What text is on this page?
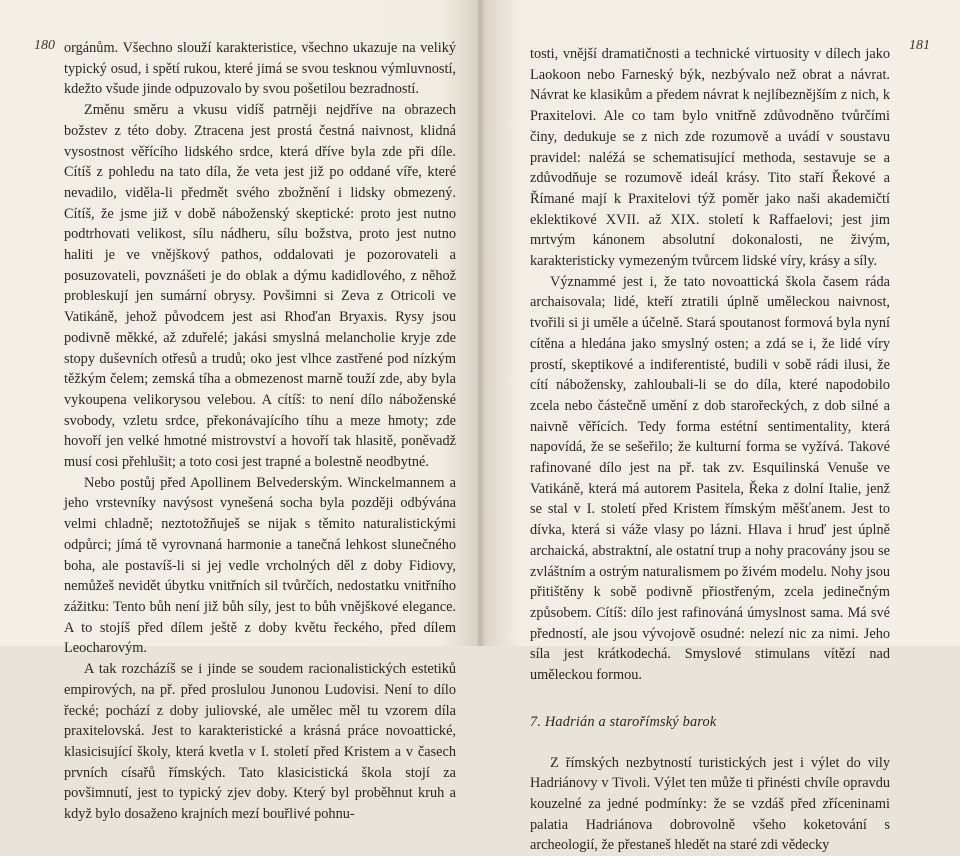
180 orgánům. Všechno slouží karakteristice, všechno ukazuje na veliký typický osud, i spětí rukou, které jimá se svou tesknou výmluvností, kdežto všude jinde odpuzovalo by svou pošetilou bezradností.

Změnu směru a vkusu vidíš patrněji nejdříve na obrazech božstev z této doby. Ztracena jest prostá čestná naivnost, klidná vysostnost věřícího lidského srdce, která dříve byla zde při díle. Cítíš z pohledu na tato díla, že veta jest již po oddané víře, které nevadilo, viděla-li předmět svého zbožnění i lidsky obmezený. Cítíš, že jsme již v době náboženský skeptické: proto jest nutno podtrhovati velikost, sílu nádheru, sílu božstva, proto jest nutno haliti je ve vnějškový pathos, oddalovati je pozorovateli a posuzovateli, povznášeti je do oblak a dýmu kadidlového, z něhož probleskují jen sumární obrysy. Povšimni si Zeva z Otricoli ve Vatikáně, jehož původcem jest asi Rhoďan Bryaxis. Rysy jsou podivně měkké, až zduřelé; jakási smyslná melancholie kryje zde stopy duševních otřesů a trudů; oko jest vlhce zastřené pod nízkým těžkým čelem; zemská tíha a obmezenost marně touží zde, aby byla vykoupena velikorysou velebou. A cítíš: to není dílo náboženské svobody, vzletu srdce, překonávajícího tíhu a meze hmoty; zde hovoří jen velké hmotné mistrovství a hovoří tak hlasitě, poněvadž musí cosi přehlušit; a toto cosi jest trapné a bolestně neodbytné.

Nebo postůj před Apollinem Belvederským. Winckelmannem a jeho vrstevníky navýsost vynešená socha byla později odbývána velmi chladně; neztotožňuješ se nijak s těmito naturalistickými odpůrci; jímá tě vyrovnaná harmonie a tanečná lehkost slunečného boha, ale postavíš-li si jej vedle vrcholných děl z doby Fidiovy, nemůžeš nevidět úbytku vnitřních sil tvůrčích, nedostatku vnitřního zážitku: Tento bůh není již bůh síly, jest to bůh vnějškové elegance. A to stojíš před dílem ještě z doby květu řeckého, před dílem Leocharovým.

A tak rozcházíš se i jinde se soudem racionalistických estetiků empirových, na př. před proslulou Junonou Ludovisi. Není to dílo řecké; pochází z doby juliovské, ale umělec měl tu vzorem díla praxitelovská. Jest to karakteristické a krásná práce novoattické, klasicisující školy, která kvetla v I. století před Kristem a v časech prvních císařů římských. Tato klasicistická škola stojí za povšimnutí, jest to typický zjev doby. Který byl proběhnut kruh a když bylo dosaženo krajních mezí bouřlivé pohnu-

181

tosti, vnější dramatičnosti a technické virtuosity v dílech jako Laokoon nebo Farneský býk, nezbývalo než obrat a návrat. Návrat ke klasikům a předem návrat k nejlíbeznějším z nich, k Praxitelovi. Ale co tam bylo vnitřně zdůvodněno tvůrčími činy, dedukuje se z nich zde rozumově a uvádí v soustavu pravidel: naléžá se schematisující methoda, sestavuje se a zdůvodňuje se rozumově ideál krásy. Tito staří Řekové a Římané mají k Praxitelovi týž poměr jako naši akademičtí eklektikové XVII. až XIX. století k Raffaelovi; jest jim mrtvým kánonem absolutní dokonalosti, ne živým, karakteristicky vymezeným tvůrcem lidské víry, krásy a síly.

Význammé jest i, že tato novoattická škola časem ráda archaisovala; lidé, kteří ztratili úplně uměleckou naivnost, tvořili si ji uměle a účelně. Stará spoutanost formová byla nyní cítěna a hledána jako smyslný osten; a zdá se i, že lidé víry prostí, skeptikové a indiferentisté, budili v sobě rádi ilusi, že cítí nábožensky, zahloubali-li se do díla, které napodobilo zcela nebo částečně umění z dob starořeckých, z dob silné a naivně věřících. Tedy forma estétní sentimentality, která napovídá, že se sešeřilo; že kulturní forma se vyžívá. Takové rafinované dílo jest na př. tak zv. Esquilinská Venuše ve Vatikáně, která má autorem Pasitela, Řeka z dolní Italie, jenž se stal v I. století před Kristem římským měšťanem. Jest to dívka, která si váže vlasy po lázni. Hlava i hruď jest úplně archaická, abstraktní, ale ostatní trup a nohy pracovány jsou se zvláštním a ostrým naturalismem po živém modelu. Nohy jsou přitištěny k sobě podivně přiostřeným, zcela jedinečným způsobem. Cítíš: dílo jest rafinováná úmyslnost sama. Má své předností, ale jsou vývojově osudné: nelezí nic za nimi. Jeho síla jest krátkodechá. Smyslové stimulans vítězí nad uměleckou formou.

7. Hadrián a starořímský barok

Z římských nezbytností turistických jest i výlet do vily Hadriánovy v Tivoli. Výlet ten může ti přinésti chvíle opravdu kouzelné za jedné podmínky: že se vzdáš před zříceninami palatia Hadriánova dobrovolně všeho koketování s archeologií, že přestaneš hledět na staré zdi vědecky
